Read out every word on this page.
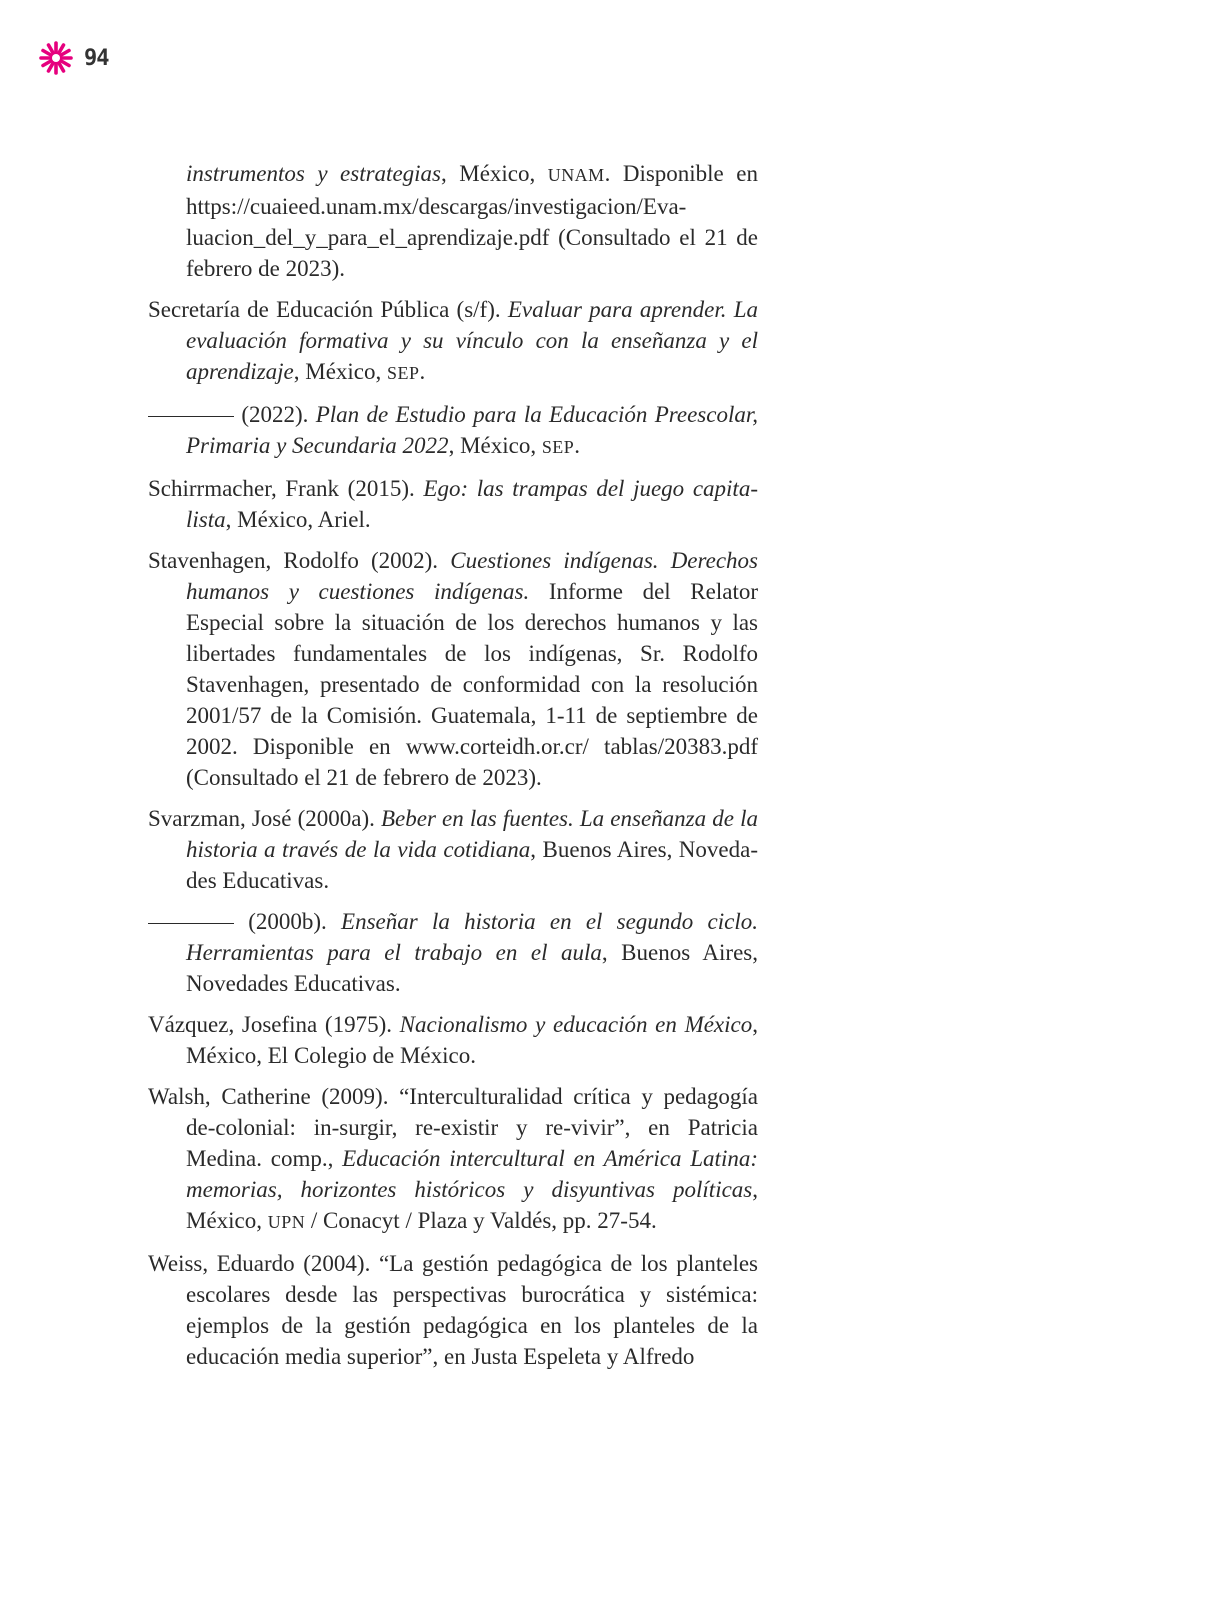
94

instrumentos y estrategias, México, UNAM. Disponible en https://cuaieed.unam.mx/descargas/investigacion/Evaluacion_del_y_para_el_aprendizaje.pdf (Consultado el 21 de febrero de 2023).

Secretaría de Educación Pública (s/f). Evaluar para aprender. La evaluación formativa y su vínculo con la enseñanza y el aprendizaje, México, SEP.

(2022). Plan de Estudio para la Educación Preescolar, Primaria y Secundaria 2022, México, SEP.

Schirrmacher, Frank (2015). Ego: las trampas del juego capitalista, México, Ariel.

Stavenhagen, Rodolfo (2002). Cuestiones indígenas. Derechos humanos y cuestiones indígenas. Informe del Relator Especial sobre la situación de los derechos humanos y las libertades fundamentales de los indígenas, Sr. Rodolfo Stavenhagen, presentado de conformidad con la resolución 2001/57 de la Comisión. Guatemala, 1-11 de septiembre de 2002. Disponible en www.corteidh.or.cr/ tablas/20383.pdf (Consultado el 21 de febrero de 2023).

Svarzman, José (2000a). Beber en las fuentes. La enseñanza de la historia a través de la vida cotidiana, Buenos Aires, Novedades Educativas.

(2000b). Enseñar la historia en el segundo ciclo. Herramientas para el trabajo en el aula, Buenos Aires, Novedades Educativas.

Vázquez, Josefina (1975). Nacionalismo y educación en México, México, El Colegio de México.

Walsh, Catherine (2009). “Interculturalidad crítica y pedagogía de-colonial: in-surgir, re-existir y re-vivir”, en Patricia Medina. comp., Educación intercultural en América Latina: memorias, horizontes históricos y disyuntivas políticas, México, UPN / Conacyt / Plaza y Valdés, pp. 27-54.

Weiss, Eduardo (2004). “La gestión pedagógica de los planteles escolares desde las perspectivas burocrática y sistémica: ejemplos de la gestión pedagógica en los planteles de la educación media superior”, en Justa Espeleta y Alfredo
